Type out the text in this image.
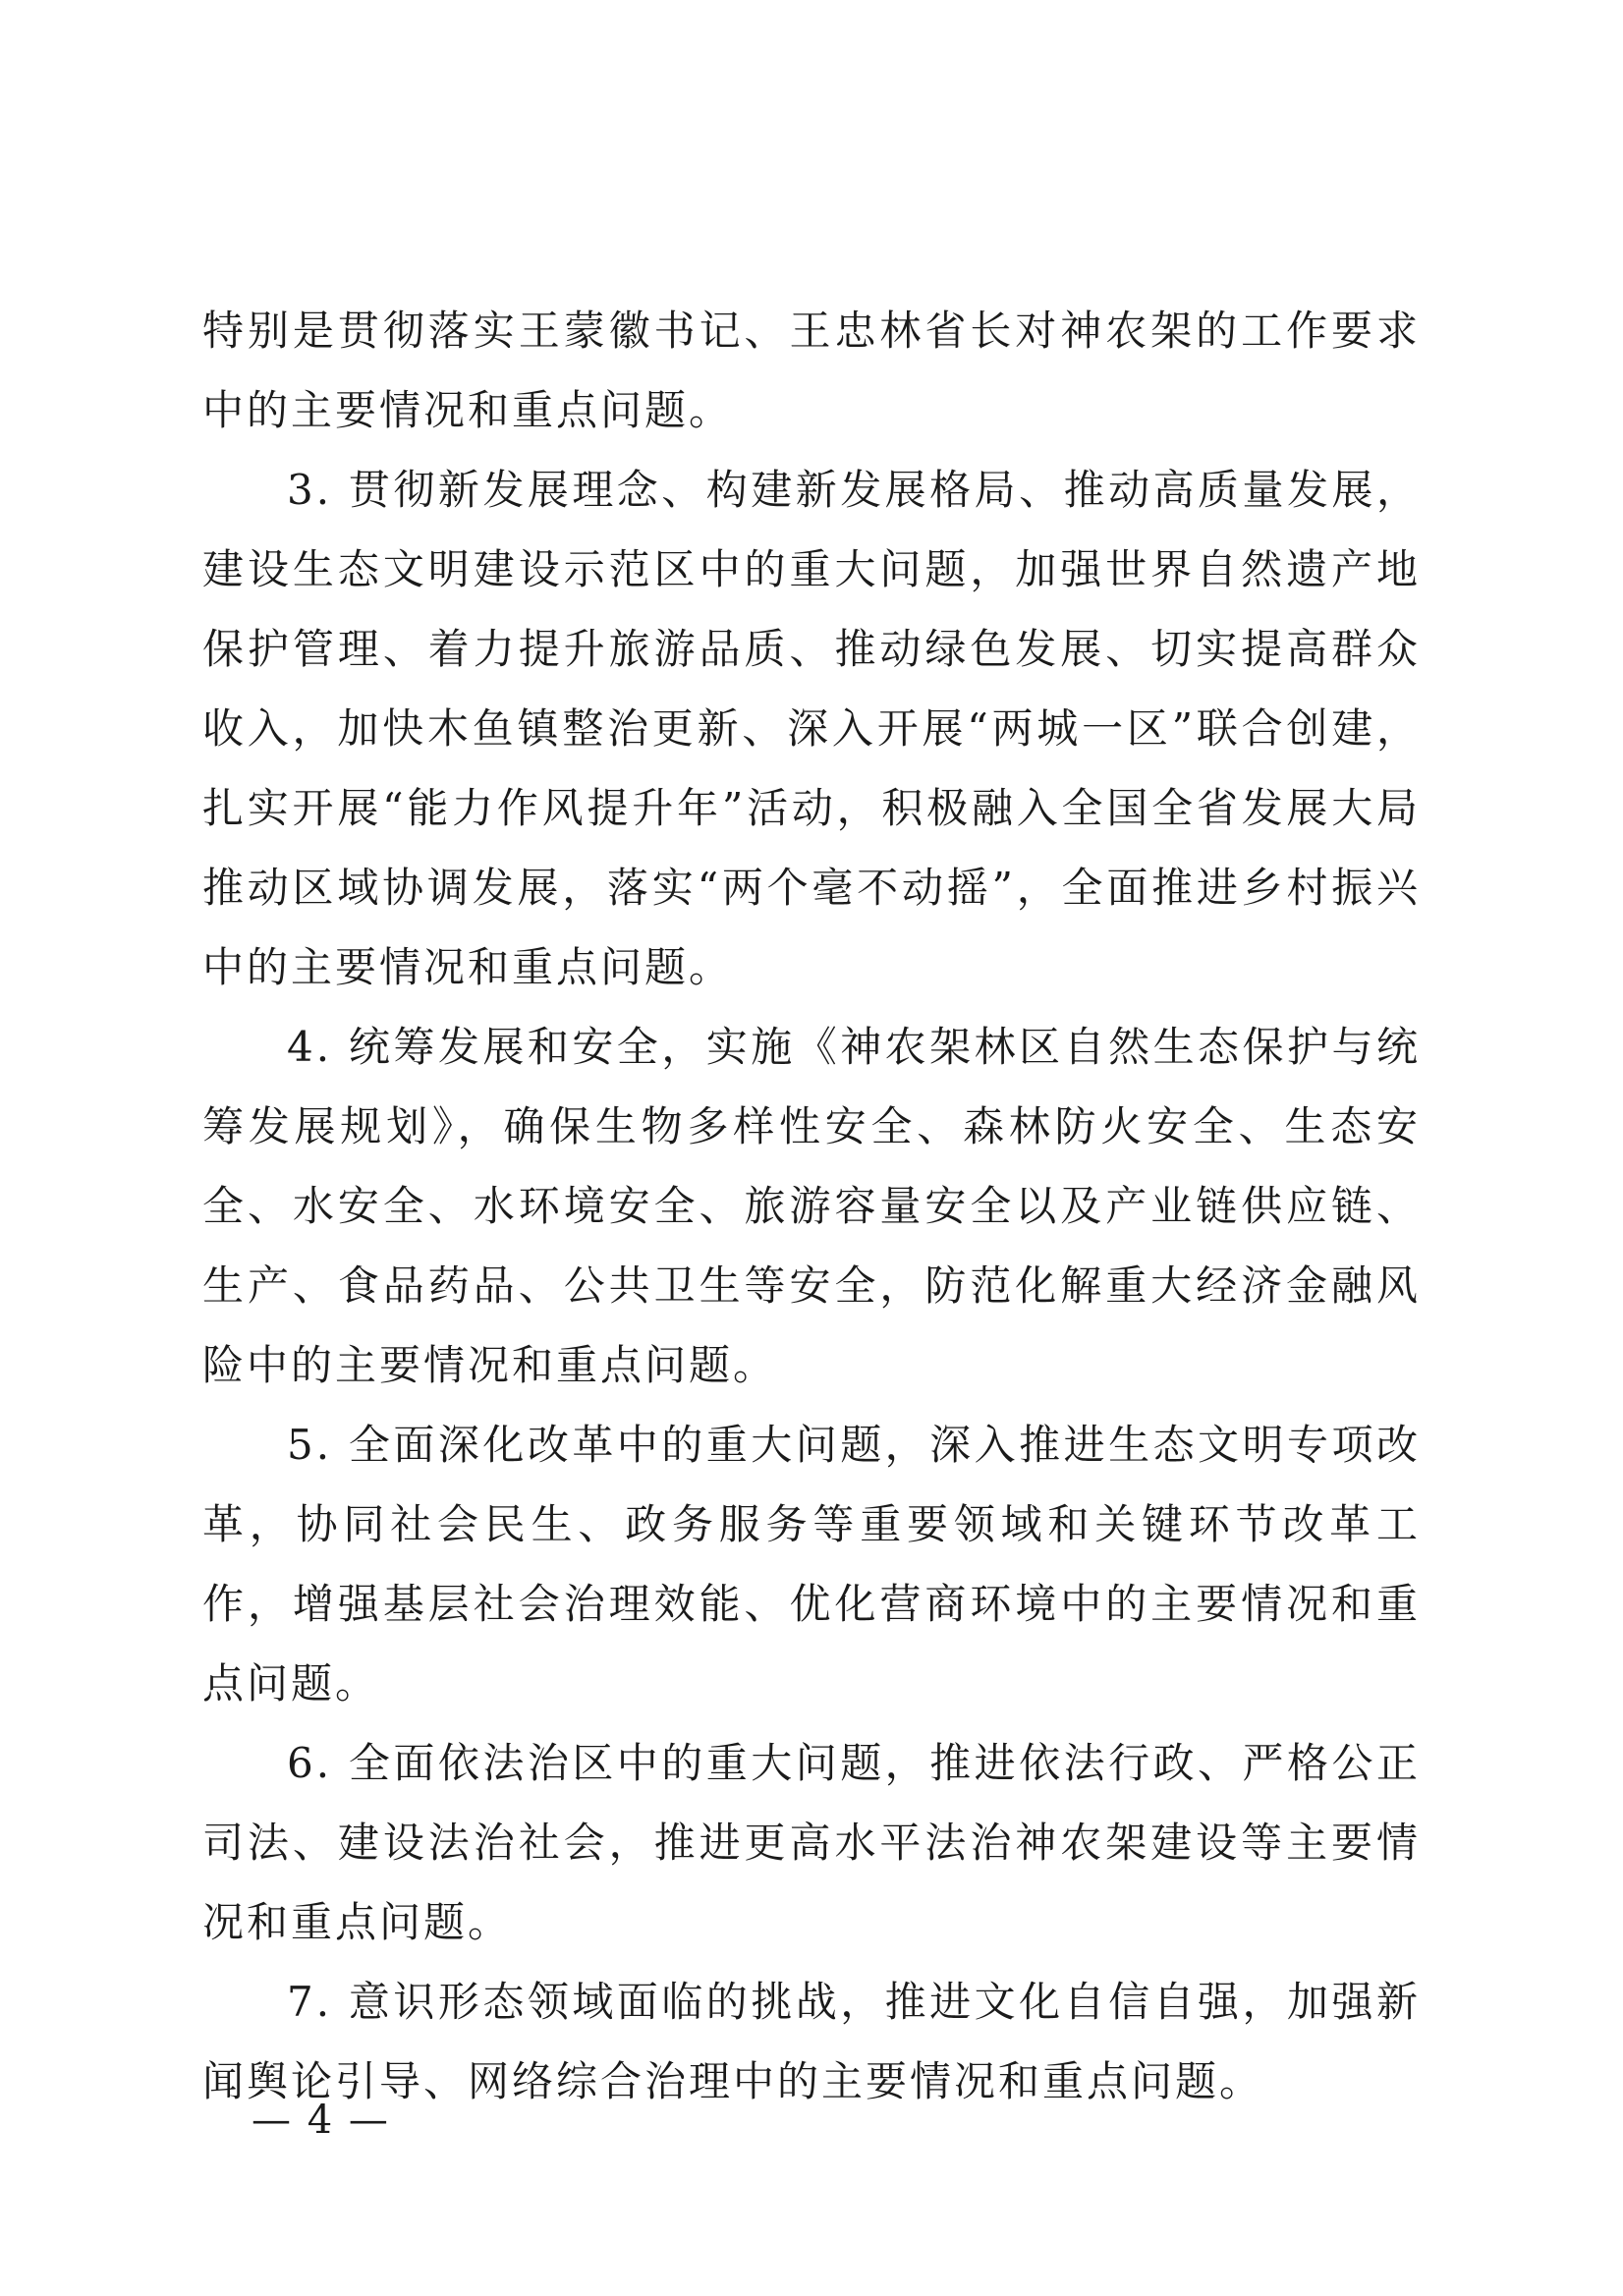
特别是贯彻落实王蒙徽书记、王忠林省长对神农架的工作要求中的主要情况和重点问题。

3. 贯彻新发展理念、构建新发展格局、推动高质量发展，建设生态文明建设示范区中的重大问题，加强世界自然遗产地保护管理、着力提升旅游品质、推动绿色发展、切实提高群众收入，加快木鱼镇整治更新、深入开展“两城一区”联合创建，扎实开展“能力作风提升年”活动，积极融入全国全省发展大局推动区域协调发展，落实“两个毫不动摇”，全面推进乡村振兴中的主要情况和重点问题。

4. 统筹发展和安全，实施《神农架林区自然生态保护与统筹发展规划》，确保生物多样性安全、森林防火安全、生态安全、水安全、水环境安全、旅游容量安全以及产业链供应链、生产、食品药品、公共卫生等安全，防范化解重大经济金融风险中的主要情况和重点问题。

5. 全面深化改革中的重大问题，深入推进生态文明专项改革，协同社会民生、政务服务等重要领域和关键环节改革工作，增强基层社会治理效能、优化营商环境中的主要情况和重点问题。

6. 全面依法治区中的重大问题，推进依法行政、严格公正司法、建设法治社会，推进更高水平法治神农架建设等主要情况和重点问题。

7. 意识形态领域面临的挑战，推进文化自信自强，加强新闻舆论引导、网络综合治理中的主要情况和重点问题。

— 4 —
